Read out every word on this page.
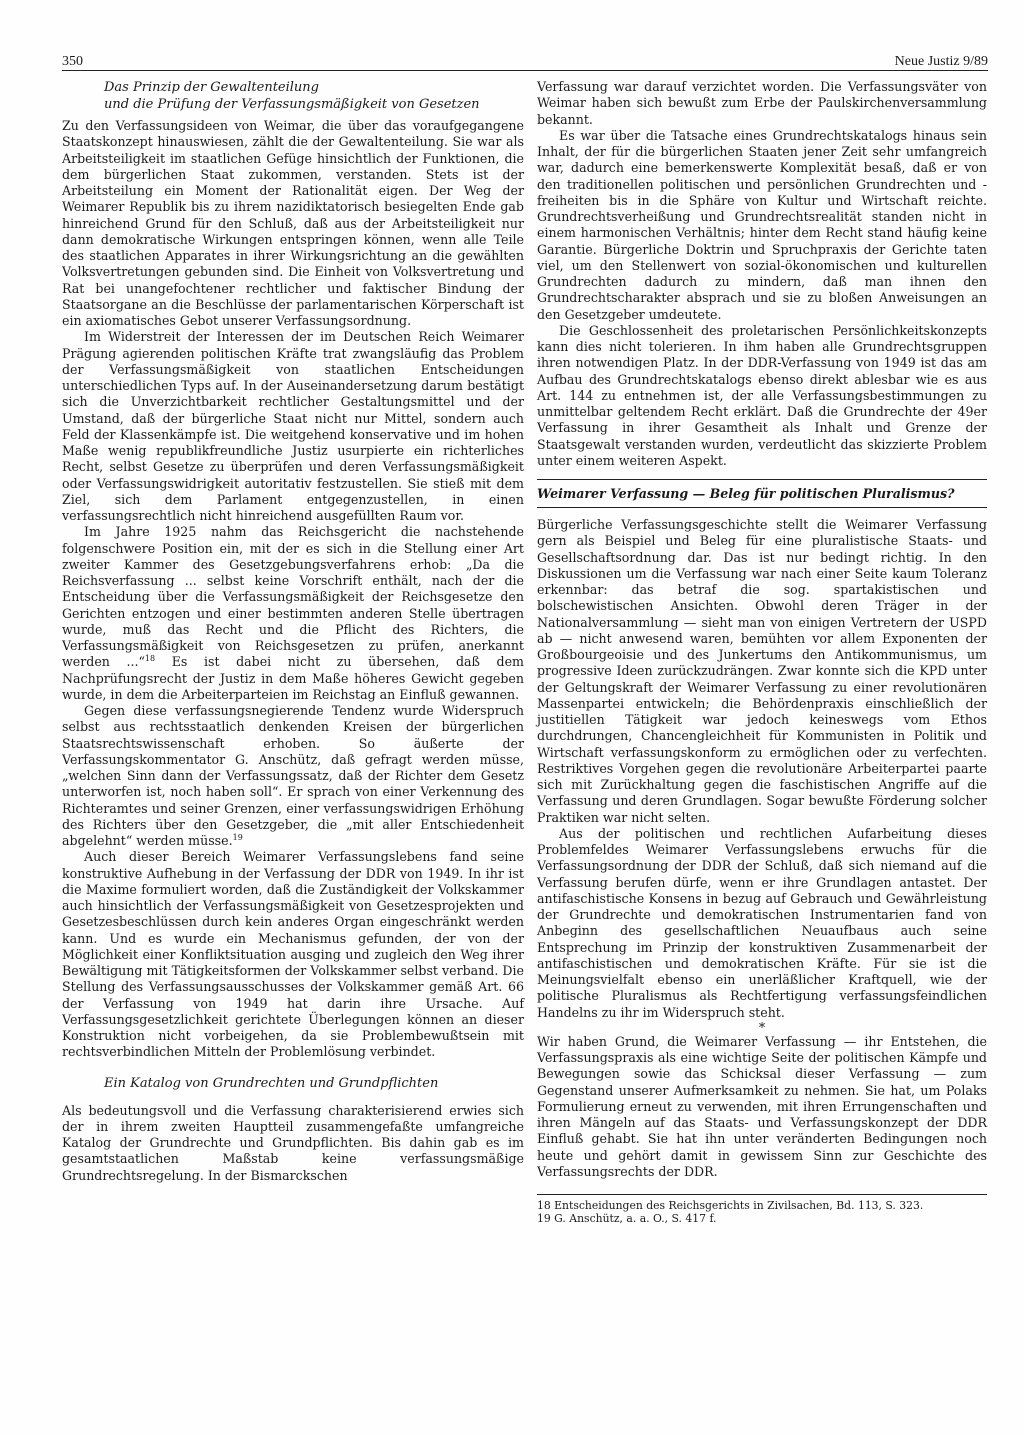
350	Neue Justiz 9/89
Das Prinzip der Gewaltenteilung
und die Prüfung der Verfassungsmäßigkeit von Gesetzen

Zu den Verfassungsideen von Weimar, die über das voraufgegangene Staatskonzept hinauswiesen, zählt die der Gewaltenteilung. Sie war als Arbeitsteiligkeit im staatlichen Gefüge hinsichtlich der Funktionen, die dem bürgerlichen Staat zukommen, verstanden. Stets ist der Arbeitsteilung ein Moment der Rationalität eigen. Der Weg der Weimarer Republik bis zu ihrem nazidiktatorisch besiegelten Ende gab hinreichend Grund für den Schluß, daß aus der Arbeitsteiligkeit nur dann demokratische Wirkungen entspringen können, wenn alle Teile des staatlichen Apparates in ihrer Wirkungsrichtung an die gewählten Volksvertretungen gebunden sind. Die Einheit von Volksvertretung und Rat bei unangefochtener rechtlicher und faktischer Bindung der Staatsorgane an die Beschlüsse der parlamentarischen Körperschaft ist ein axiomatisches Gebot unserer Verfassungsordnung.

Im Widerstreit der Interessen der im Deutschen Reich Weimarer Prägung agierenden politischen Kräfte trat zwangsläufig das Problem der Verfassungsmäßigkeit von staatlichen Entscheidungen unterschiedlichen Typs auf. In der Auseinandersetzung darum bestätigt sich die Unverzichtbarkeit rechtlicher Gestaltungsmittel und der Umstand, daß der bürgerliche Staat nicht nur Mittel, sondern auch Feld der Klassenkämpfe ist. Die weitgehend konservative und im hohen Maße wenig republikfreundliche Justiz usurpierte ein richterliches Recht, selbst Gesetze zu überprüfen und deren Verfassungsmäßigkeit oder Verfassungswidrigkeit autoritativ festzustellen. Sie stieß mit dem Ziel, sich dem Parlament entgegenzustellen, in einen verfassungsrechtlich nicht hinreichend ausgefüllten Raum vor.

Im Jahre 1925 nahm das Reichsgericht die nachstehende folgenschwere Position ein, mit der es sich in die Stellung einer Art zweiter Kammer des Gesetzgebungsverfahrens erhob: „Da die Reichsverfassung ... selbst keine Vorschrift enthält, nach der die Entscheidung über die Verfassungsmäßigkeit der Reichsgesetze den Gerichten entzogen und einer bestimmten anderen Stelle übertragen wurde, muß das Recht und die Pflicht des Richters, die Verfassungsmäßigkeit von Reichsgesetzen zu prüfen, anerkannt werden ...“$^{18}$ Es ist dabei nicht zu übersehen, daß dem Nachprüfungsrecht der Justiz in dem Maße höheres Gewicht gegeben wurde, in dem die Arbeiterparteien im Reichstag an Einfluß gewannen.

Gegen diese verfassungsnegierende Tendenz wurde Widerspruch selbst aus rechtsstaatlich denkenden Kreisen der bürgerlichen Staatsrechtswissenschaft erhoben. So äußerte der Verfassungskommentator G. Anschütz, daß gefragt werden müsse, „welchen Sinn dann der Verfassungssatz, daß der Richter dem Gesetz unterworfen ist, noch haben soll“. Er sprach von einer Verkennung des Richteramtes und seiner Grenzen, einer verfassungswidrigen Erhöhung des Richters über den Gesetzgeber, die „mit aller Entschiedenheit abgelehnt“ werden müsse.$^{19}$

Auch dieser Bereich Weimarer Verfassungslebens fand seine konstruktive Aufhebung in der Verfassung der DDR von 1949. In ihr ist die Maxime formuliert worden, daß die Zuständigkeit der Volkskammer auch hinsichtlich der Verfassungsmäßigkeit von Gesetzesprojekten und Gesetzesbeschlüssen durch kein anderes Organ eingeschränkt werden kann. Und es wurde ein Mechanismus gefunden, der von der Möglichkeit einer Konfliktsituation ausging und zugleich den Weg ihrer Bewältigung mit Tätigkeitsformen der Volkskammer selbst verband. Die Stellung des Verfassungsausschusses der Volkskammer gemäß Art. 66 der Verfassung von 1949 hat darin ihre Ursache. Auf Verfassungsgesetzlichkeit gerichtete Überlegungen können an dieser Konstruktion nicht vorbeigehen, da sie Problembewußtsein mit rechtsverbindlichen Mitteln der Problemlösung verbindet.

Ein Katalog von Grundrechten und Grundpflichten

Als bedeutungsvoll und die Verfassung charakterisierend erwies sich der in ihrem zweiten Hauptteil zusammengefaßte umfangreiche Katalog der Grundrechte und Grundpflichten. Bis dahin gab es im gesamtstaatlichen Maßstab keine verfassungsmäßige Grundrechtsregelung. In der Bismarckschen

Verfassung war darauf verzichtet worden. Die Verfassungsväter von Weimar haben sich bewußt zum Erbe der Paulskirchenversammlung bekannt.

Es war über die Tatsache eines Grundrechtskatalogs hinaus sein Inhalt, der für die bürgerlichen Staaten jener Zeit sehr umfangreich war, dadurch eine bemerkenswerte Komplexität besaß, daß er von den traditionellen politischen und persönlichen Grundrechten und -freiheiten bis in die Sphäre von Kultur und Wirtschaft reichte. Grundrechtsverheißung und Grundrechtsrealität standen nicht in einem harmonischen Verhältnis; hinter dem Recht stand häufig keine Garantie. Bürgerliche Doktrin und Spruchpraxis der Gerichte taten viel, um den Stellenwert von sozial-ökonomischen und kulturellen Grundrechten dadurch zu mindern, daß man ihnen den Grundrechtscharakter absprach und sie zu bloßen Anweisungen an den Gesetzgeber umdeutete.

Die Geschlossenheit des proletarischen Persönlichkeitskonzepts kann dies nicht tolerieren. In ihm haben alle Grundrechtsgruppen ihren notwendigen Platz. In der DDR-Verfassung von 1949 ist das am Aufbau des Grundrechtskatalogs ebenso direkt ablesbar wie es aus Art. 144 zu entnehmen ist, der alle Verfassungsbestimmungen zu unmittelbar geltendem Recht erklärt. Daß die Grundrechte der 49er Verfassung in ihrer Gesamtheit als Inhalt und Grenze der Staatsgewalt verstanden wurden, verdeutlicht das skizzierte Problem unter einem weiteren Aspekt.

Weimarer Verfassung — Beleg für politischen Pluralismus?

Bürgerliche Verfassungsgeschichte stellt die Weimarer Verfassung gern als Beispiel und Beleg für eine pluralistische Staats- und Gesellschaftsordnung dar. Das ist nur bedingt richtig. In den Diskussionen um die Verfassung war nach einer Seite kaum Toleranz erkennbar: das betraf die sog. spartakistischen und bolschewistischen Ansichten. Obwohl deren Träger in der Nationalversammlung — sieht man von einigen Vertretern der USPD ab — nicht anwesend waren, bemühten vor allem Exponenten der Großbourgeoisie und des Junkertums den Antikommunismus, um progressive Ideen zurückzudrängen. Zwar konnte sich die KPD unter der Geltungskraft der Weimarer Verfassung zu einer revolutionären Massenpartei entwickeln; die Behördenpraxis einschließlich der justitiellen Tätigkeit war jedoch keineswegs vom Ethos durchdrungen, Chancengleichheit für Kommunisten in Politik und Wirtschaft verfassungskonform zu ermöglichen oder zu verfechten. Restriktives Vorgehen gegen die revolutionäre Arbeiterpartei paarte sich mit Zurückhaltung gegen die faschistischen Angriffe auf die Verfassung und deren Grundlagen. Sogar bewußte Förderung solcher Praktiken war nicht selten.

Aus der politischen und rechtlichen Aufarbeitung dieses Problemfeldes Weimarer Verfassungslebens erwuchs für die Verfassungsordnung der DDR der Schluß, daß sich niemand auf die Verfassung berufen dürfe, wenn er ihre Grundlagen antastet. Der antifaschistische Konsens in bezug auf Gebrauch und Gewährleistung der Grundrechte und demokratischen Instrumentarien fand von Anbeginn des gesellschaftlichen Neuaufbaus auch seine Entsprechung im Prinzip der konstruktiven Zusammenarbeit der antifaschistischen und demokratischen Kräfte. Für sie ist die Meinungsvielfalt ebenso ein unerläßlicher Kraftquell, wie der politische Pluralismus als Rechtfertigung verfassungsfeindlichen Handelns zu ihr im Widerspruch steht.

*

Wir haben Grund, die Weimarer Verfassung — ihr Entstehen, die Verfassungspraxis als eine wichtige Seite der politischen Kämpfe und Bewegungen sowie das Schicksal dieser Verfassung — zum Gegenstand unserer Aufmerksamkeit zu nehmen. Sie hat, um Polaks Formulierung erneut zu verwenden, mit ihren Errungenschaften und ihren Mängeln auf das Staats- und Verfassungskonzept der DDR Einfluß gehabt. Sie hat ihn unter veränderten Bedingungen noch heute und gehört damit in gewissem Sinn zur Geschichte des Verfassungsrechts der DDR.

18 Entscheidungen des Reichsgerichts in Zivilsachen, Bd. 113, S. 323.
19 G. Anschütz, a. a. O., S. 417 f.
